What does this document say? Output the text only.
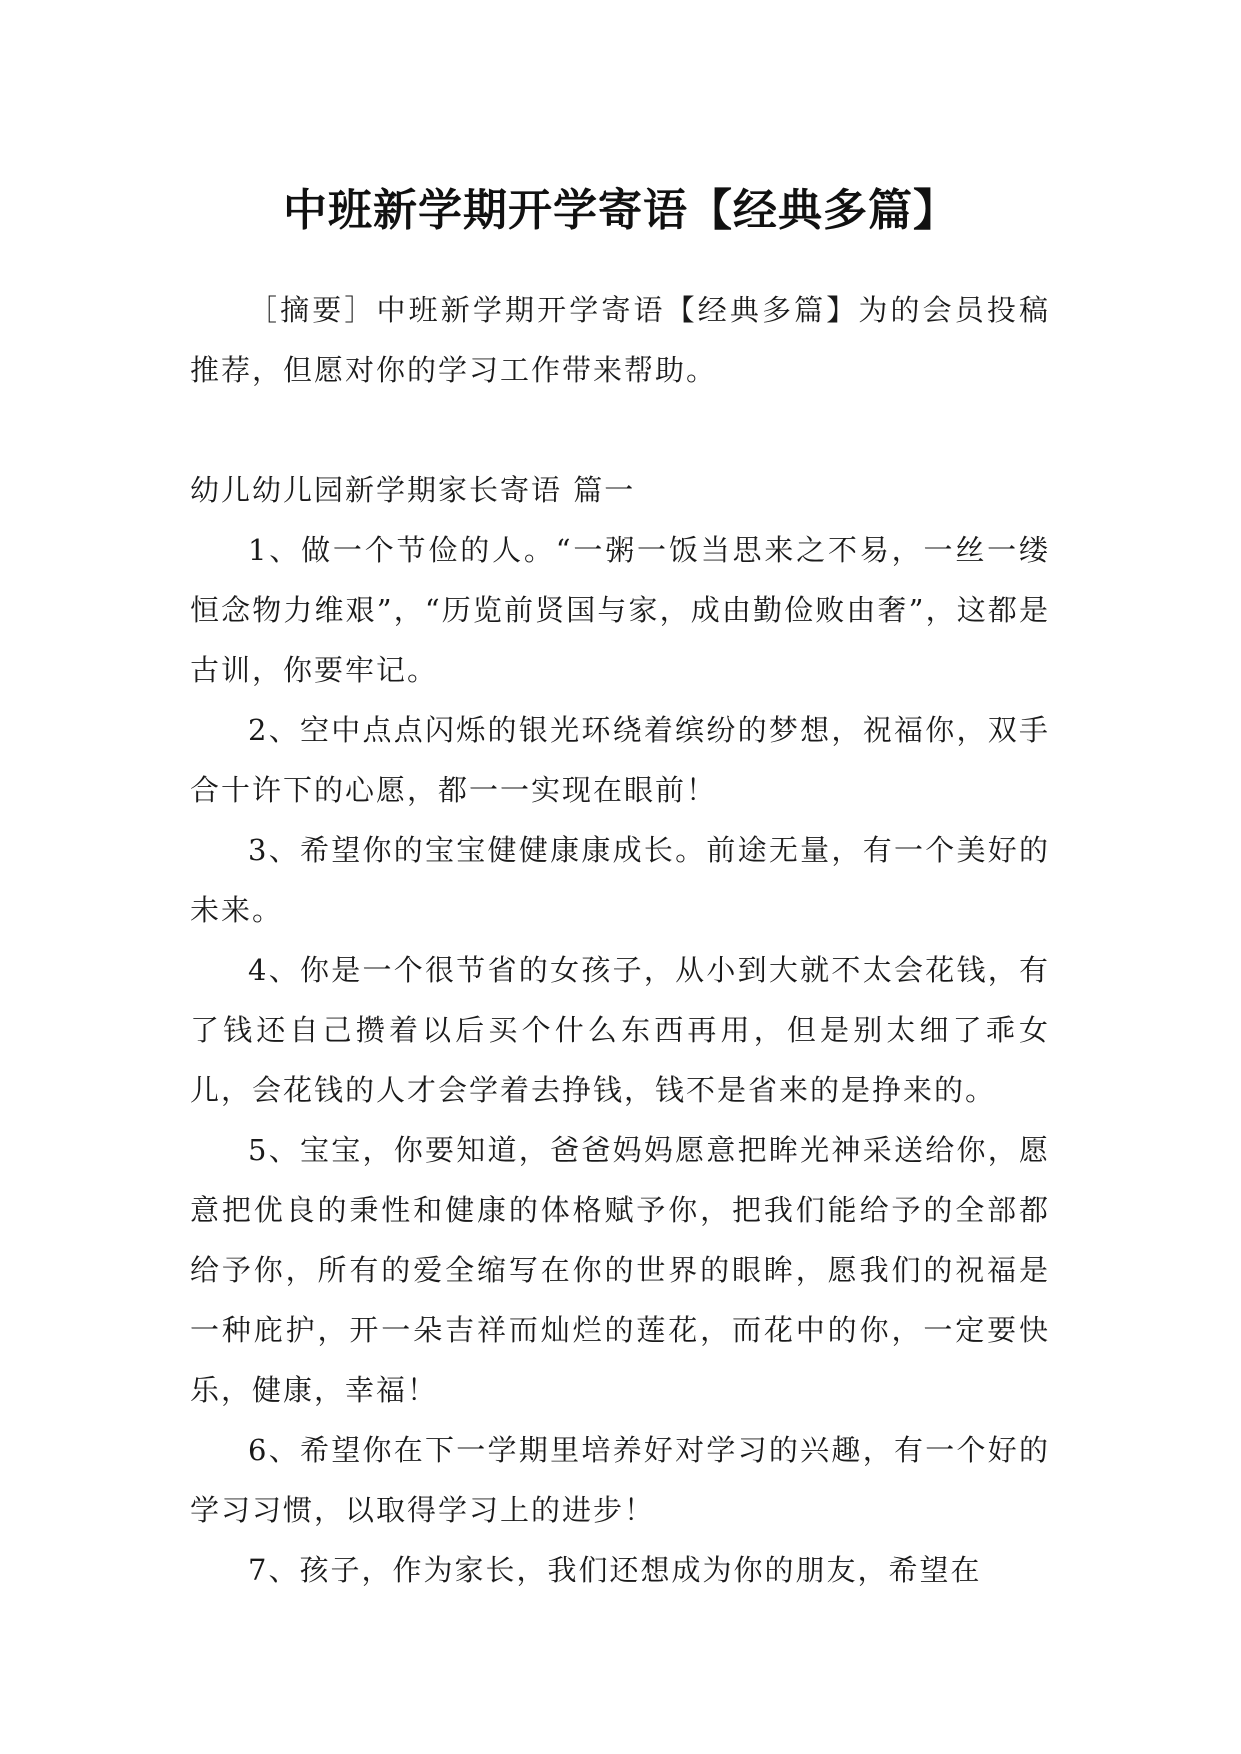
中班新学期开学寄语【经典多篇】

［摘要］中班新学期开学寄语【经典多篇】为的会员投稿推荐，但愿对你的学习工作带来帮助。

幼儿幼儿园新学期家长寄语 篇一

1、做一个节俭的人。“一粥一饭当思来之不易，一丝一缕恒念物力维艰”，“历览前贤国与家，成由勤俭败由奢”，这都是古训，你要牢记。

2、空中点点闪烁的银光环绕着缤纷的梦想，祝福你，双手合十许下的心愿，都一一实现在眼前！

3、希望你的宝宝健健康康成长。前途无量，有一个美好的未来。

4、你是一个很节省的女孩子，从小到大就不太会花钱，有了钱还自己攒着以后买个什么东西再用，但是别太细了乖女儿，会花钱的人才会学着去挣钱，钱不是省来的是挣来的。

5、宝宝，你要知道，爸爸妈妈愿意把眸光神采送给你，愿意把优良的秉性和健康的体格赋予你，把我们能给予的全部都给予你，所有的爱全缩写在你的世界的眼眸，愿我们的祝福是一种庇护，开一朵吉祥而灿烂的莲花，而花中的你，一定要快乐，健康，幸福！

6、希望你在下一学期里培养好对学习的兴趣，有一个好的学习习惯，以取得学习上的进步！

7、孩子，作为家长，我们还想成为你的朋友，希望在
